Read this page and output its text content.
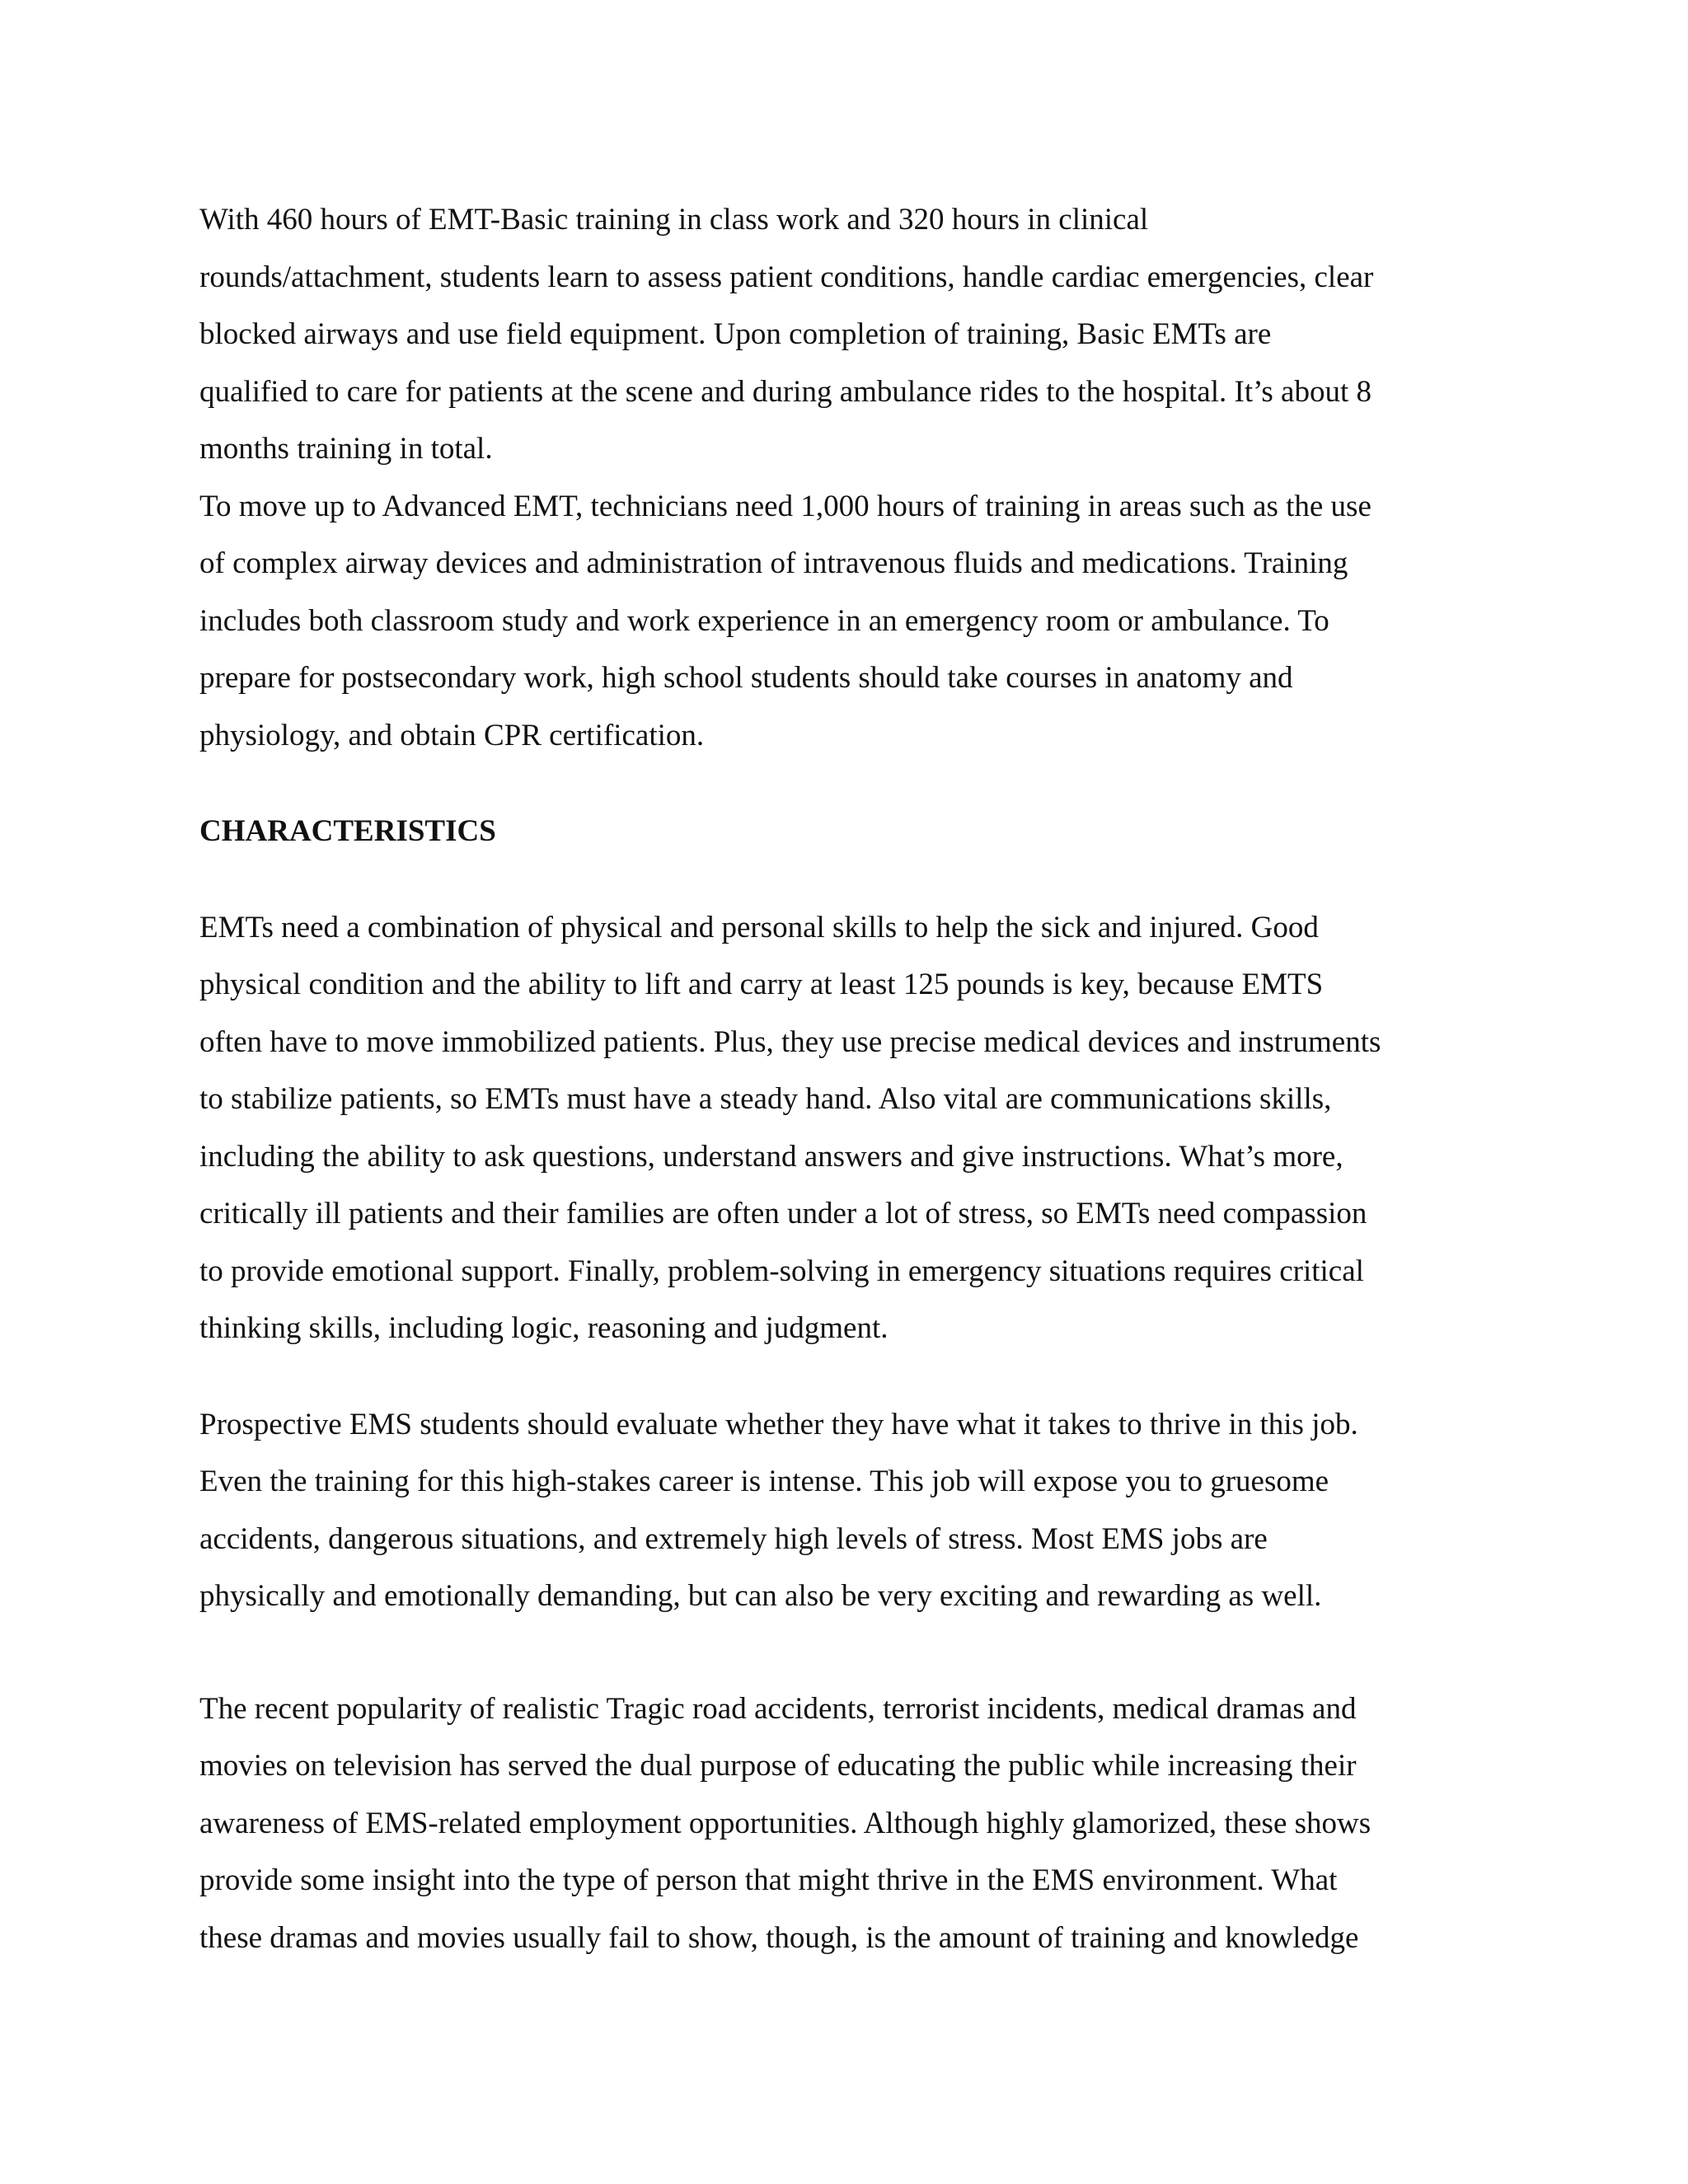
With 460 hours of EMT-Basic training in class work and 320 hours in clinical
rounds/attachment, students learn to assess patient conditions, handle cardiac emergencies, clear
blocked airways and use field equipment. Upon completion of training, Basic EMTs are
qualified to care for patients at the scene and during ambulance rides to the hospital. It’s about 8
months training in total.

To move up to Advanced EMT, technicians need 1,000 hours of training in areas such as the use
of complex airway devices and administration of intravenous fluids and medications. Training
includes both classroom study and work experience in an emergency room or ambulance. To
prepare for postsecondary work, high school students should take courses in anatomy and
physiology, and obtain CPR certification.

CHARACTERISTICS

EMTs need a combination of physical and personal skills to help the sick and injured. Good
physical condition and the ability to lift and carry at least 125 pounds is key, because EMTS
often have to move immobilized patients. Plus, they use precise medical devices and instruments
to stabilize patients, so EMTs must have a steady hand. Also vital are communications skills,
including the ability to ask questions, understand answers and give instructions. What’s more,
critically ill patients and their families are often under a lot of stress, so EMTs need compassion
to provide emotional support. Finally, problem-solving in emergency situations requires critical
thinking skills, including logic, reasoning and judgment.

Prospective EMS students should evaluate whether they have what it takes to thrive in this job.
Even the training for this high-stakes career is intense. This job will expose you to gruesome
accidents, dangerous situations, and extremely high levels of stress. Most EMS jobs are
physically and emotionally demanding, but can also be very exciting and rewarding as well.

The recent popularity of realistic Tragic road accidents, terrorist incidents, medical dramas and
movies on television has served the dual purpose of educating the public while increasing their
awareness of EMS-related employment opportunities. Although highly glamorized, these shows
provide some insight into the type of person that might thrive in the EMS environment. What
these dramas and movies usually fail to show, though, is the amount of training and knowledge
